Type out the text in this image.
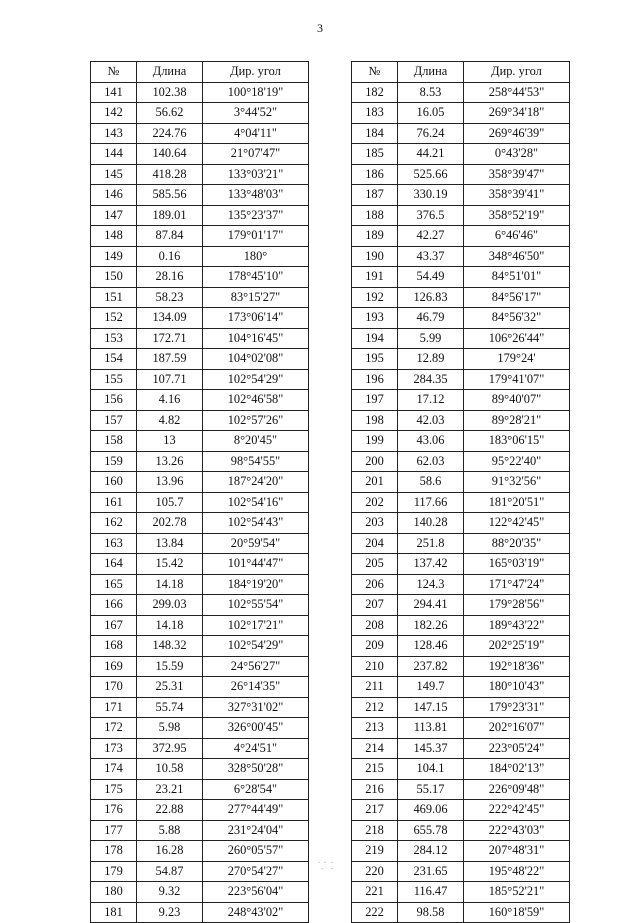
3
№	Длина	Дир. угол
141	102.38	100°18'19"
142	56.62	3°44'52"
143	224.76	4°04'11"
144	140.64	21°07'47"
145	418.28	133°03'21"
146	585.56	133°48'03"
147	189.01	135°23'37"
148	87.84	179°01'17"
149	0.16	180°
150	28.16	178°45'10"
151	58.23	83°15'27"
152	134.09	173°06'14"
153	172.71	104°16'45"
154	187.59	104°02'08"
155	107.71	102°54'29"
156	4.16	102°46'58"
157	4.82	102°57'26"
158	13	8°20'45"
159	13.26	98°54'55"
160	13.96	187°24'20"
161	105.7	102°54'16"
162	202.78	102°54'43"
163	13.84	20°59'54"
164	15.42	101°44'47"
165	14.18	184°19'20"
166	299.03	102°55'54"
167	14.18	102°17'21"
168	148.32	102°54'29"
169	15.59	24°56'27"
170	25.31	26°14'35"
171	55.74	327°31'02"
172	5.98	326°00'45"
173	372.95	4°24'51"
174	10.58	328°50'28"
175	23.21	6°28'54"
176	22.88	277°44'49"
177	5.88	231°24'04"
178	16.28	260°05'57"
179	54.87	270°54'27"
180	9.32	223°56'04"
181	9.23	248°43'02"
№	Длина	Дир. угол
182	8.53	258°44'53"
183	16.05	269°34'18"
184	76.24	269°46'39"
185	44.21	0°43'28"
186	525.66	358°39'47"
187	330.19	358°39'41"
188	376.5	358°52'19"
189	42.27	6°46'46"
190	43.37	348°46'50"
191	54.49	84°51'01"
192	126.83	84°56'17"
193	46.79	84°56'32"
194	5.99	106°26'44"
195	12.89	179°24'
196	284.35	179°41'07"
197	17.12	89°40'07"
198	42.03	89°28'21"
199	43.06	183°06'15"
200	62.03	95°22'40"
201	58.6	91°32'56"
202	117.66	181°20'51"
203	140.28	122°42'45"
204	251.8	88°20'35"
205	137.42	165°03'19"
206	124.3	171°47'24"
207	294.41	179°28'56"
208	182.26	189°43'22"
209	128.46	202°25'19"
210	237.82	192°18'36"
211	149.7	180°10'43"
212	147.15	179°23'31"
213	113.81	202°16'07"
214	145.37	223°05'24"
215	104.1	184°02'13"
216	55.17	226°09'48"
217	469.06	222°42'45"
218	655.78	222°43'03"
219	284.12	207°48'31"
220	231.65	195°48'22"
221	116.47	185°52'21"
222	98.58	160°18'59"
⸪ ⁚
